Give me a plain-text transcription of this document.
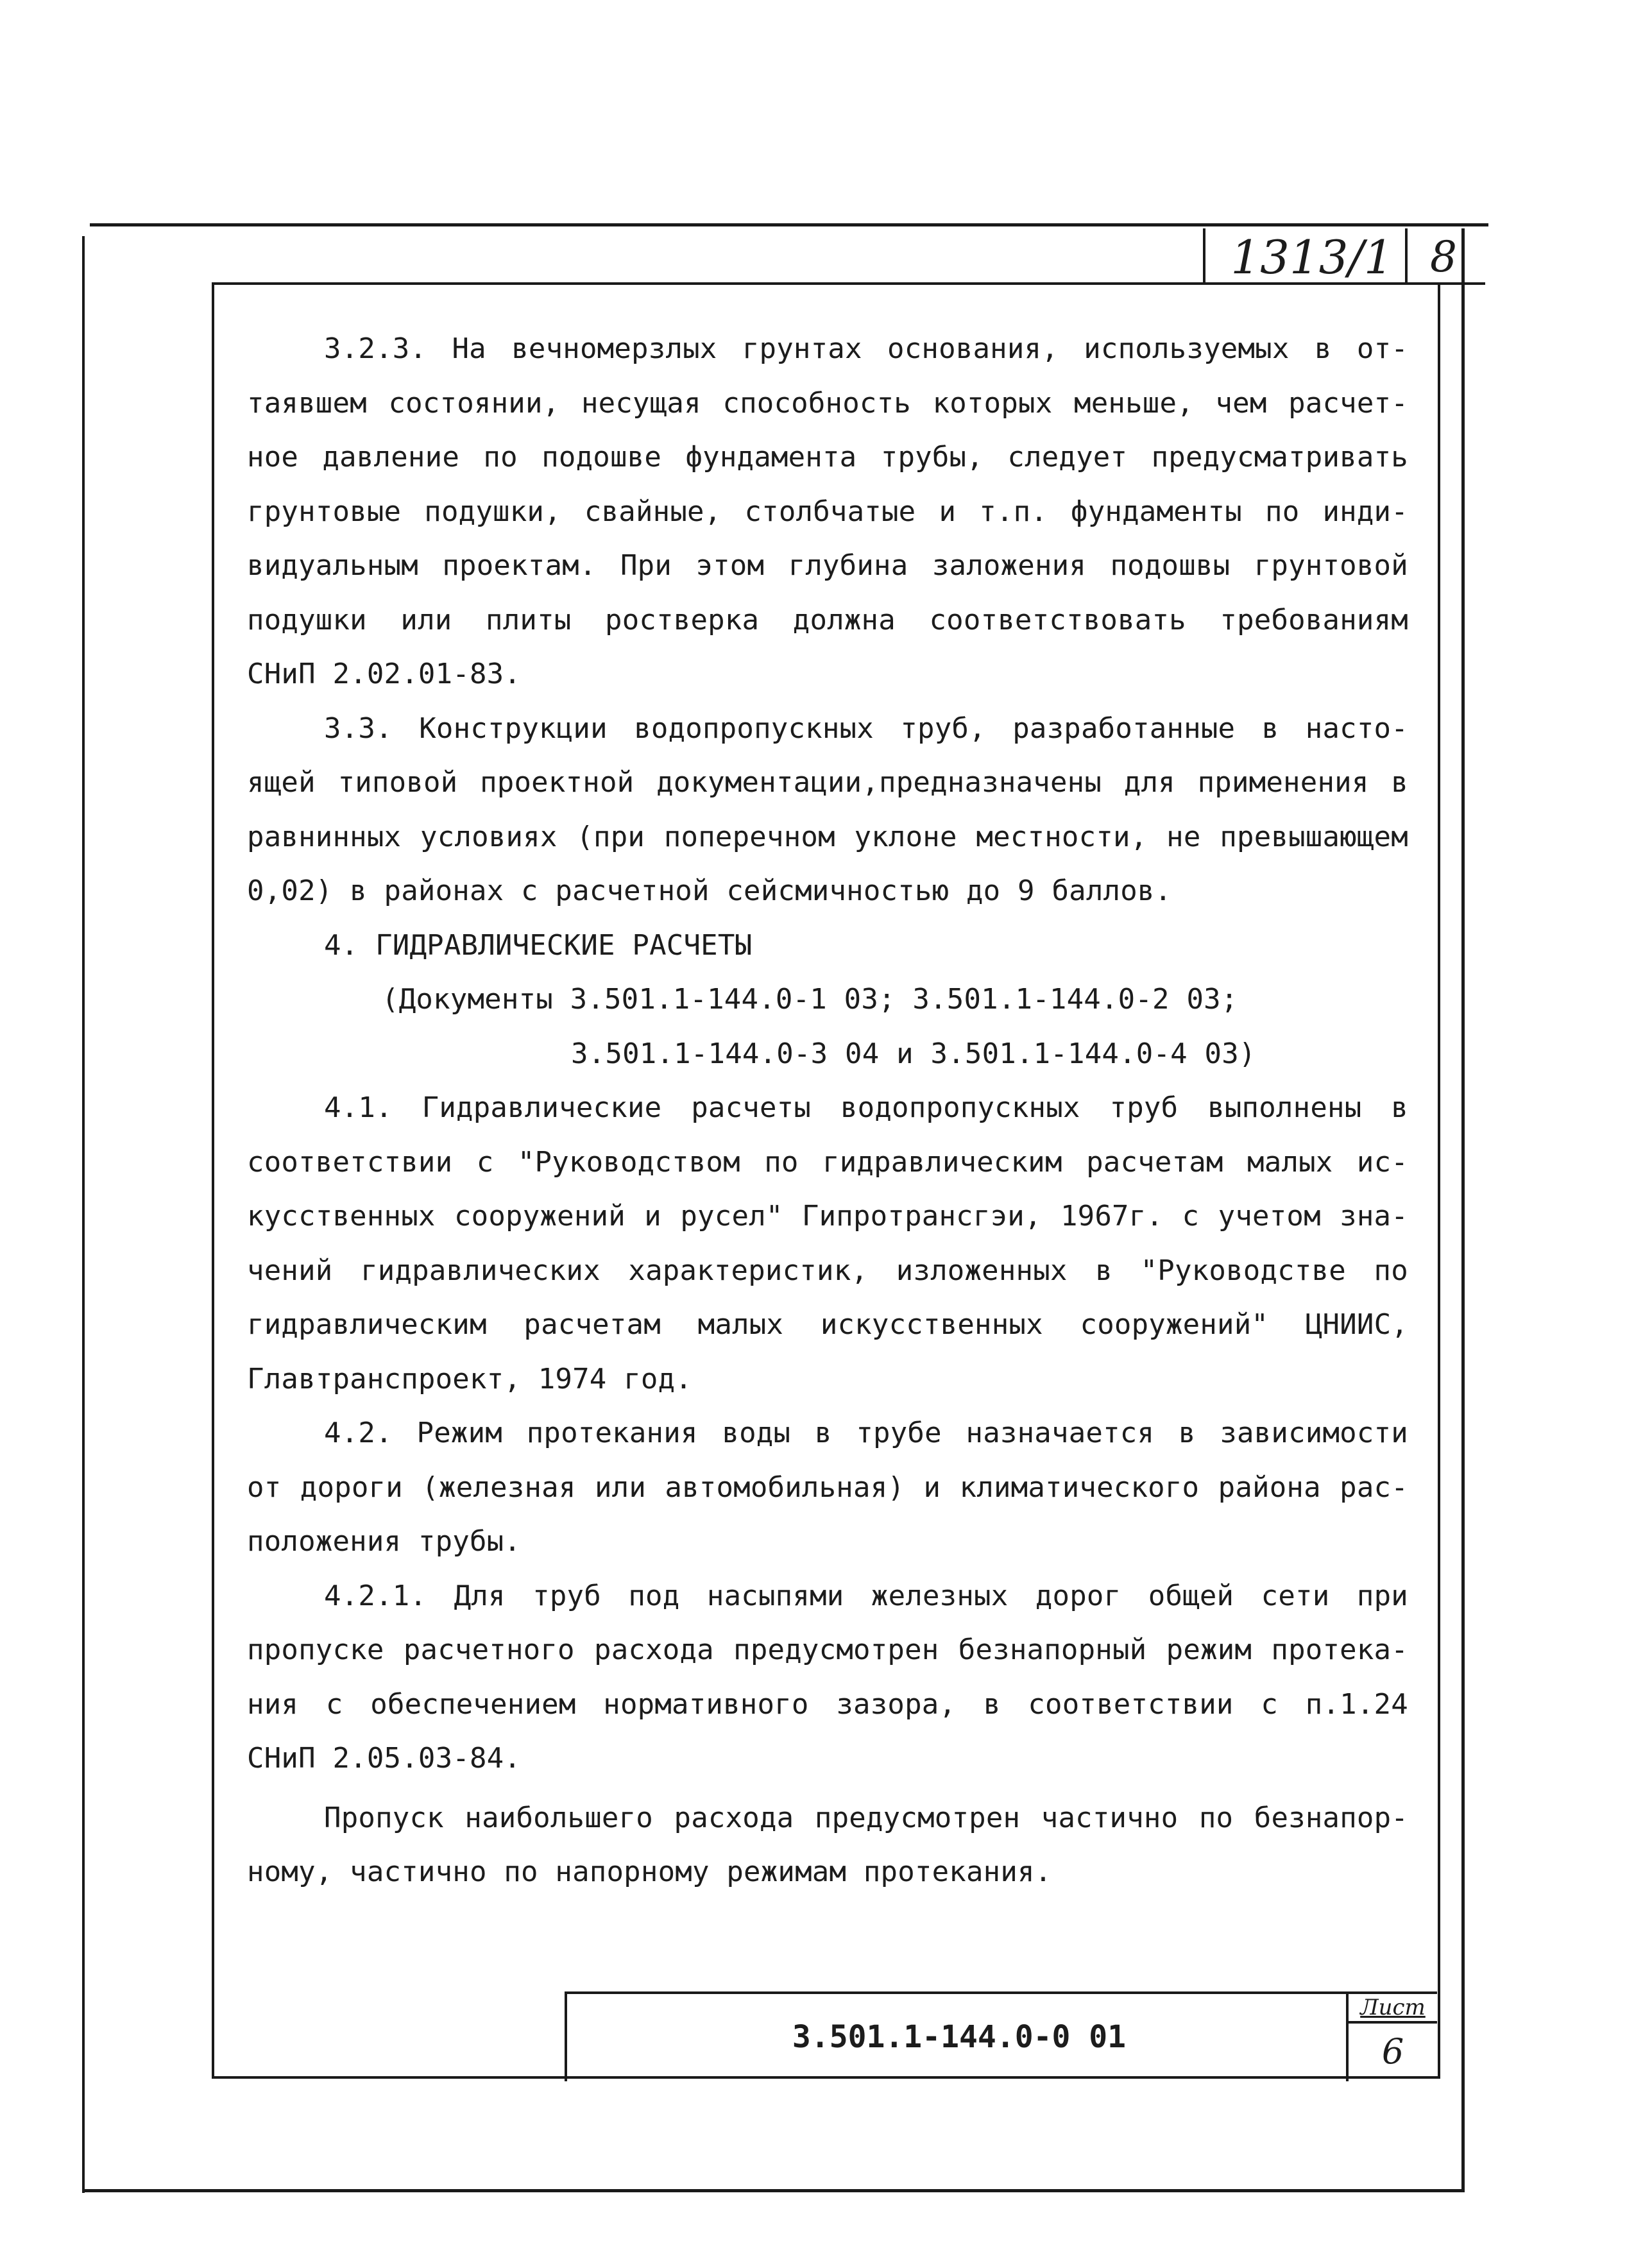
1313/1 8
3.2.3. На вечномерзлых грунтах основания, используемых в от-
таявшем состоянии, несущая способность которых меньше, чем расчет-
ное давление по подошве фундамента трубы, следует предусматривать
грунтовые подушки, свайные, столбчатые и т.п. фундаменты по инди-
видуальным проектам. При этом глубина заложения подошвы грунтовой
подушки или плиты ростверка должна соответствовать требованиям
СНиП 2.02.01-83.
3.3. Конструкции водопропускных труб, разработанные в насто-
ящей типовой проектной документации,предназначены для применения в
равнинных условиях (при поперечном уклоне местности, не превышающем
0,02) в районах с расчетной сейсмичностью до 9 баллов.
4. ГИДРАВЛИЧЕСКИЕ РАСЧЕТЫ
(Документы 3.501.1-144.0-1 03; 3.501.1-144.0-2 03;
3.501.1-144.0-3 04 и 3.501.1-144.0-4 03)
4.1. Гидравлические расчеты водопропускных труб выполнены в
соответствии с "Руководством по гидравлическим расчетам малых ис-
кусственных сооружений и русел" Гипротрансгэи, 1967г. с учетом зна-
чений гидравлических характеристик, изложенных в "Руководстве по
гидравлическим расчетам малых искусственных сооружений" ЦНИИС,
Главтранспроект, 1974 год.
4.2. Режим протекания воды в трубе назначается в зависимости
от дороги (железная или автомобильная) и климатического района рас-
положения трубы.
4.2.1. Для труб под насыпями железных дорог общей сети при
пропуске расчетного расхода предусмотрен безнапорный режим протека-
ния с обеспечением нормативного зазора, в соответствии с п.1.24
СНиП 2.05.03-84.
Пропуск наибольшего расхода предусмотрен частично по безнапор-
ному, частично по напорному режимам протекания.
3.501.1-144.0-0 01
Лист
6
